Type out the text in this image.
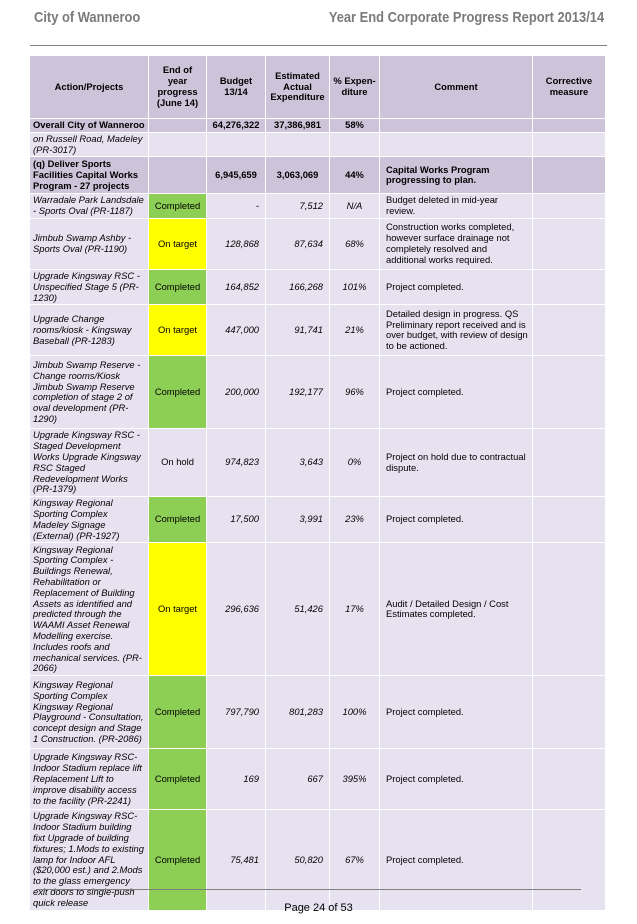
City of Wanneroo	Year End Corporate Progress Report 2013/14
Action/Projects	End of year progress (June 14)	Budget 13/14	Estimated Actual Expenditure	% Expen-diture	Comment	Corrective measure
Overall City of Wanneroo		64,276,322	37,386,981	58%		
on Russell Road, Madeley (PR-3017)						
(q) Deliver Sports Facilities Capital Works Program - 27 projects		6,945,659	3,063,069	44%	Capital Works Program progressing to plan.	
Warradale Park Landsdale - Sports Oval (PR-1187)	Completed	-	7,512	N/A	Budget deleted in mid-year review.	
Jimbub Swamp Ashby - Sports Oval (PR-1190)	On target	128,868	87,634	68%	Construction works completed, however surface drainage not completely resolved and additional works required.	
Upgrade Kingsway RSC - Unspecified Stage 5 (PR-1230)	Completed	164,852	166,268	101%	Project completed.	
Upgrade Change rooms/kiosk - Kingsway Baseball (PR-1283)	On target	447,000	91,741	21%	Detailed design in progress. QS Preliminary report received and is over budget, with review of design to be actioned.	
Jimbub Swamp Reserve - Change rooms/Kiosk Jimbub Swamp Reserve completion of stage 2 of oval development (PR-1290)	Completed	200,000	192,177	96%	Project completed.	
Upgrade Kingsway RSC - Staged Development Works Upgrade Kingsway RSC Staged Redevelopment Works (PR-1379)	On hold	974,823	3,643	0%	Project on hold due to contractual dispute.	
Kingsway Regional Sporting Complex Madeley Signage (External) (PR-1927)	Completed	17,500	3,991	23%	Project completed.	
Kingsway Regional Sporting Complex - Buildings Renewal, Rehabilitation or Replacement of Building Assets as identified and predicted through the WAAMI Asset Renewal Modelling exercise. Includes roofs and mechanical services. (PR-2066)	On target	296,636	51,426	17%	Audit / Detailed Design / Cost Estimates completed.	
Kingsway Regional Sporting Complex Kingsway Regional Playground - Consultation, concept design and Stage 1 Construction. (PR-2086)	Completed	797,790	801,283	100%	Project completed.	
Upgrade Kingsway RSC-Indoor Stadium replace lift Replacement Lift to improve disability access to the facility (PR-2241)	Completed	169	667	395%	Project completed.	
Upgrade Kingsway RSC-Indoor Stadium building fixt Upgrade of building fixtures; 1.Mods to existing lamp for Indoor AFL ($20,000 est.) and 2.Mods to the glass emergency exit doors to single-push quick release	Completed	75,481	50,820	67%	Project completed.	
Page 24 of 53
